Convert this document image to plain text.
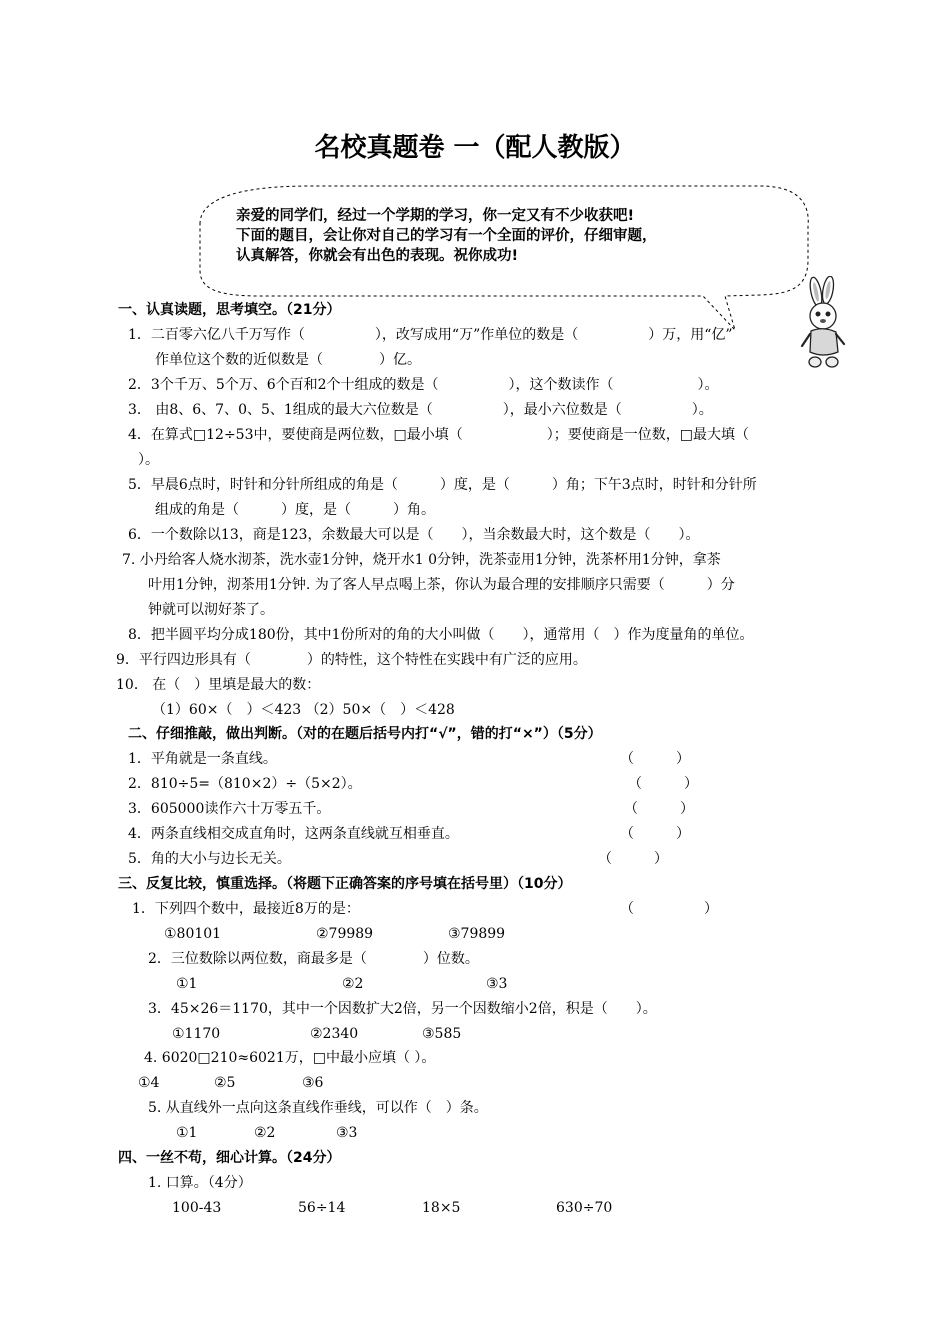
名校真题卷 一（配人教版）
亲爱的同学们，经过一个学期的学习，你一定又有不少收获吧!
下面的题目，会让你对自己的学习有一个全面的评价，仔细审题，
认真解答，你就会有出色的表现。祝你成功!
一、认真读题，思考填空。（21分）
1．二百零六亿八千万写作（　　　　　），改写成用“万”作单位的数是（　　　　　）万，用“亿”
作单位这个数的近似数是（　　　　）亿。
2．3个千万、5个万、6个百和2个十组成的数是（　　　　　），这个数读作（　　　　　　）。
3． 由8、6、7、0、5、1组成的最大六位数是（　　　　　），最小六位数是（　　　　　）。
4．在算式□12÷53中，要使商是两位数，□最小填（　　　　　　）；要使商是一位数，□最大填（
）。
5．早晨6点时，时针和分针所组成的角是（　　　）度，是（　　　）角；下午3点时，时针和分针所
组成的角是（　　　）度，是（　　　）角。
6．一个数除以13，商是123，余数最大可以是（　　），当余数最大时，这个数是（　　）。
7. 小丹给客人烧水沏茶，洗水壶1分钟，烧开水1 0分钟，洗茶壶用1分钟，洗茶杯用1分钟，拿茶
叶用1分钟，沏茶用1分钟. 为了客人早点喝上茶，你认为最合理的安排顺序只需要（　　　）分
钟就可以沏好茶了。
8．把半圆平均分成180份，其中1份所对的角的大小叫做（　　），通常用（　）作为度量角的单位。
9．平行四边形具有（　　　　）的特性，这个特性在实践中有广泛的应用。
10． 在（　）里填是最大的数：
（1）60×（　）＜423 （2）50×（　）＜428
二、仔细推敲，做出判断。（对的在题后括号内打“√”，错的打“×”）（5分）
1．平角就是一条直线。	（　　　）
2．810÷5=（810×2）÷（5×2）。	（　　　）
3．605000读作六十万零五千。	（　　　）
4．两条直线相交成直角时，这两条直线就互相垂直。	（　　　）
5．角的大小与边长无关。	（　　　）
三、反复比较，慎重选择。（将题下正确答案的序号填在括号里）（10分）
1．下列四个数中，最接近8万的是：	（　　　　　）
①80101	②79989	③79899
2．三位数除以两位数，商最多是（　　　　）位数。
①1	②2	③3
3．45×26＝1170，其中一个因数扩大2倍，另一个因数缩小2倍，积是（　　）。
①1170	②2340	③585
4. 6020□210≈6021万，□中最小应填（ ）。
①4	②5	③6
5. 从直线外一点向这条直线作垂线，可以作（　）条。
①1	②2	③3
四、一丝不苟，细心计算。（24分）
1. 口算。（4分）
100-43	56÷14	18×5	630÷70
